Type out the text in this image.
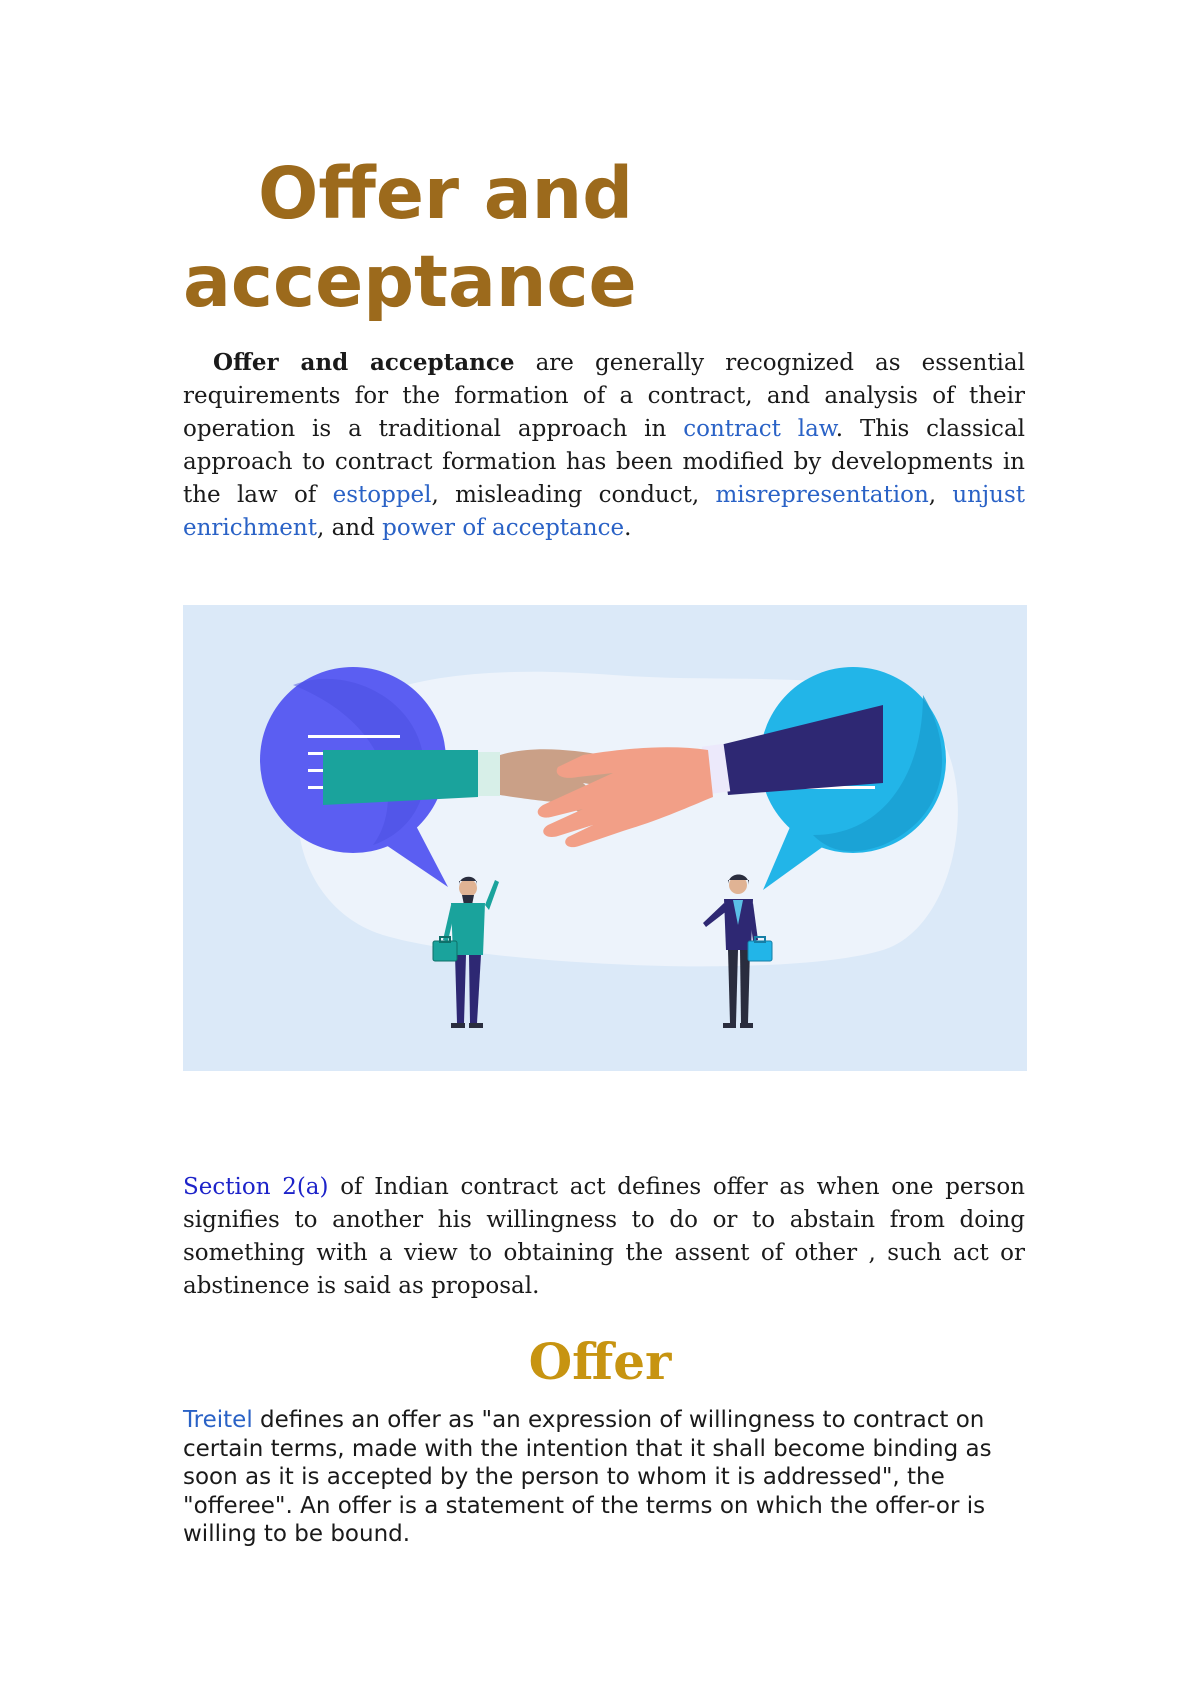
Offer and
acceptance

Offer and acceptance are generally recognized as essential requirements for the formation of a contract, and analysis of their operation is a traditional approach in contract law. This classical approach to contract formation has been modified by developments in the law of estoppel, misleading conduct, misrepresentation, unjust enrichment, and power of acceptance.

Section 2(a) of Indian contract act defines offer as when one person signifies to another his willingness to do or to abstain from doing something with a view to obtaining the assent of other , such act or abstinence is said as proposal.

Offer

Treitel defines an offer as "an expression of willingness to contract on certain terms, made with the intention that it shall become binding as soon as it is accepted by the person to whom it is addressed", the "offeree". An offer is a statement of the terms on which the offer-or is willing to be bound.
